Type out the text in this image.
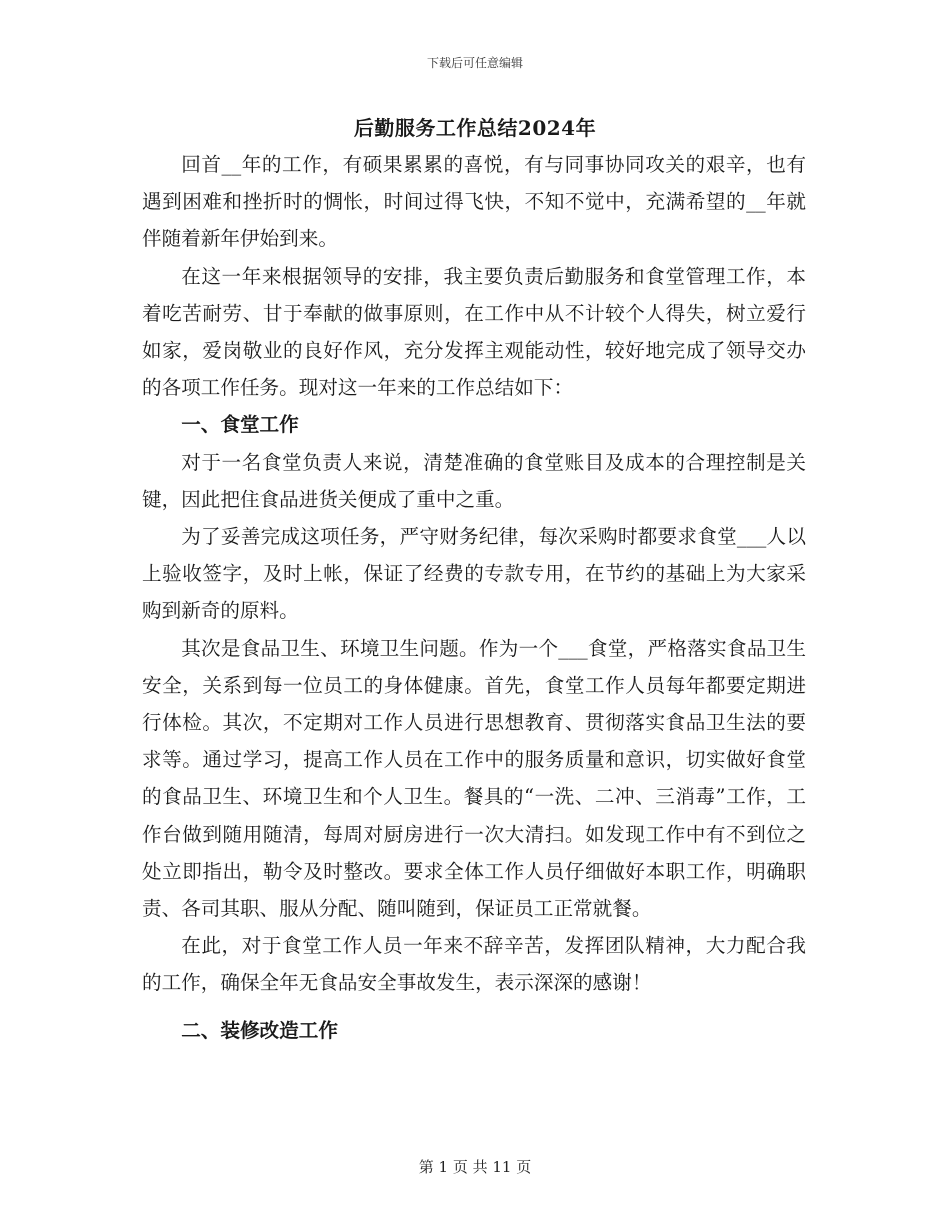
下载后可任意编辑
后勤服务工作总结2024年

回首__年的工作，有硕果累累的喜悦，有与同事协同攻关的艰辛，也有遇到困难和挫折时的惆怅，时间过得飞快，不知不觉中，充满希望的__年就伴随着新年伊始到来。

在这一年来根据领导的安排，我主要负责后勤服务和食堂管理工作，本着吃苦耐劳、甘于奉献的做事原则，在工作中从不计较个人得失，树立爱行如家，爱岗敬业的良好作风，充分发挥主观能动性，较好地完成了领导交办的各项工作任务。现对这一年来的工作总结如下：

一、食堂工作

对于一名食堂负责人来说，清楚准确的食堂账目及成本的合理控制是关键，因此把住食品进货关便成了重中之重。

为了妥善完成这项任务，严守财务纪律，每次采购时都要求食堂___人以上验收签字，及时上帐，保证了经费的专款专用，在节约的基础上为大家采购到新奇的原料。

其次是食品卫生、环境卫生问题。作为一个___食堂，严格落实食品卫生安全，关系到每一位员工的身体健康。首先，食堂工作人员每年都要定期进行体检。其次，不定期对工作人员进行思想教育、贯彻落实食品卫生法的要求等。通过学习，提高工作人员在工作中的服务质量和意识，切实做好食堂的食品卫生、环境卫生和个人卫生。餐具的“一洗、二冲、三消毒”工作，工作台做到随用随清，每周对厨房进行一次大清扫。如发现工作中有不到位之处立即指出，勒令及时整改。要求全体工作人员仔细做好本职工作，明确职责、各司其职、服从分配、随叫随到，保证员工正常就餐。

在此，对于食堂工作人员一年来不辞辛苦，发挥团队精神，大力配合我的工作，确保全年无食品安全事故发生，表示深深的感谢！

二、装修改造工作

第 1 页 共 11 页
